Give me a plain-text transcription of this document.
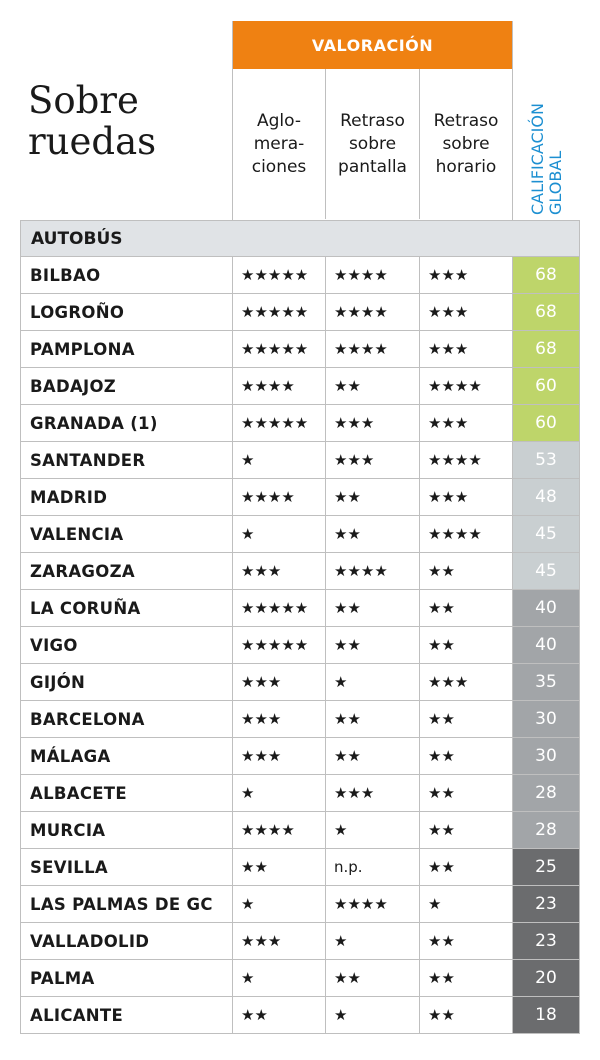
Sobre
ruedas
VALORACIÓN
Aglo-
mera-
ciones
Retraso
sobre
pantalla
Retraso
sobre
horario	CALIFICACIÓN GLOBAL
AUTOBÚS
BILBAO	★★★★★	★★★★	★★★	68
LOGROÑO	★★★★★	★★★★	★★★	68
PAMPLONA	★★★★★	★★★★	★★★	68
BADAJOZ	★★★★	★★	★★★★	60
GRANADA (1)	★★★★★	★★★	★★★	60
SANTANDER	★	★★★	★★★★	53
MADRID	★★★★	★★	★★★	48
VALENCIA	★	★★	★★★★	45
ZARAGOZA	★★★	★★★★	★★	45
LA CORUÑA	★★★★★	★★	★★	40
VIGO	★★★★★	★★	★★	40
GIJÓN	★★★	★	★★★	35
BARCELONA	★★★	★★	★★	30
MÁLAGA	★★★	★★	★★	30
ALBACETE	★	★★★	★★	28
MURCIA	★★★★	★	★★	28
SEVILLA	★★	n.p.	★★	25
LAS PALMAS DE GC	★	★★★★	★	23
VALLADOLID	★★★	★	★★	23
PALMA	★	★★	★★	20
ALICANTE	★★	★	★★	18
